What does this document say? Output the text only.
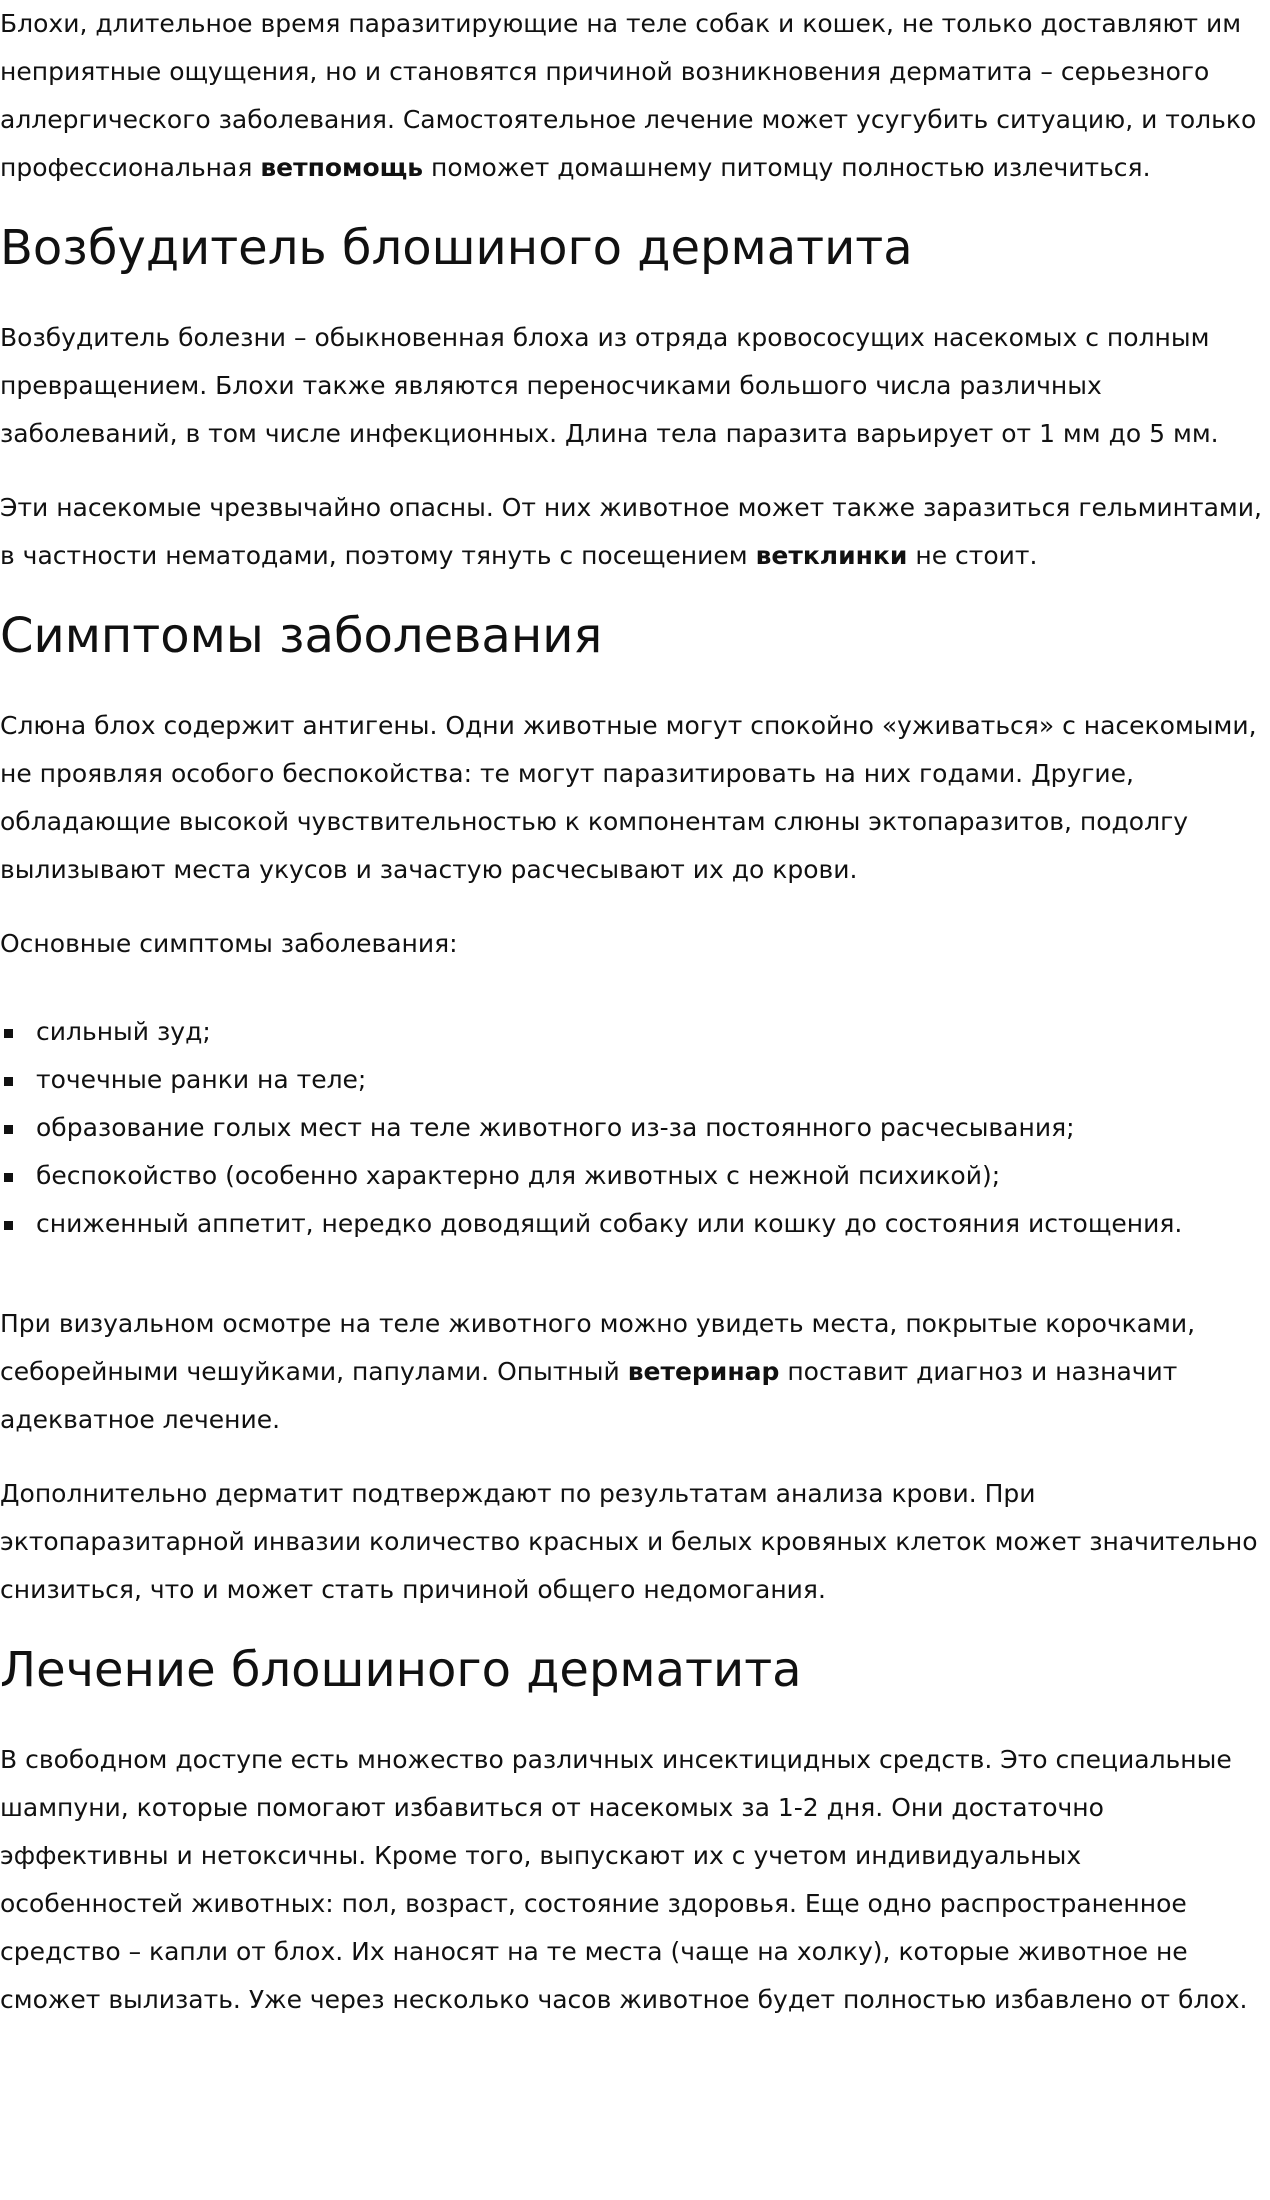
Блохи, длительное время паразитирующие на теле собак и кошек, не только доставляют им неприятные ощущения, но и становятся причиной возникновения дерматита – серьезного аллергического заболевания. Самостоятельное лечение может усугубить ситуацию, и только профессиональная ветпомощь поможет домашнему питомцу полностью излечиться.

Возбудитель блошиного дерматита

Возбудитель болезни – обыкновенная блоха из отряда кровососущих насекомых с полным превращением. Блохи также являются переносчиками большого числа различных заболеваний, в том числе инфекционных. Длина тела паразита варьирует от 1 мм до 5 мм.

Эти насекомые чрезвычайно опасны. От них животное может также заразиться гельминтами, в частности нематодами, поэтому тянуть с посещением ветклинки не стоит.

Симптомы заболевания

Слюна блох содержит антигены. Одни животные могут спокойно «уживаться» с насекомыми, не проявляя особого беспокойства: те могут паразитировать на них годами. Другие, обладающие высокой чувствительностью к компонентам слюны эктопаразитов, подолгу вылизывают места укусов и зачастую расчесывают их до крови.

Основные симптомы заболевания:

сильный зуд;
точечные ранки на теле;
образование голых мест на теле животного из-за постоянного расчесывания;
беспокойство (особенно характерно для животных с нежной психикой);
сниженный аппетит, нередко доводящий собаку или кошку до состояния истощения.

При визуальном осмотре на теле животного можно увидеть места, покрытые корочками, себорейными чешуйками, папулами. Опытный ветеринар поставит диагноз и назначит адекватное лечение.

Дополнительно дерматит подтверждают по результатам анализа крови. При эктопаразитарной инвазии количество красных и белых кровяных клеток может значительно снизиться, что и может стать причиной общего недомогания.

Лечение блошиного дерматита

В свободном доступе есть множество различных инсектицидных средств. Это специальные шампуни, которые помогают избавиться от насекомых за 1-2 дня. Они достаточно эффективны и нетоксичны. Кроме того, выпускают их с учетом индивидуальных особенностей животных: пол, возраст, состояние здоровья. Еще одно распространенное средство – капли от блох. Их наносят на те места (чаще на холку), которые животное не сможет вылизать. Уже через несколько часов животное будет полностью избавлено от блох.
